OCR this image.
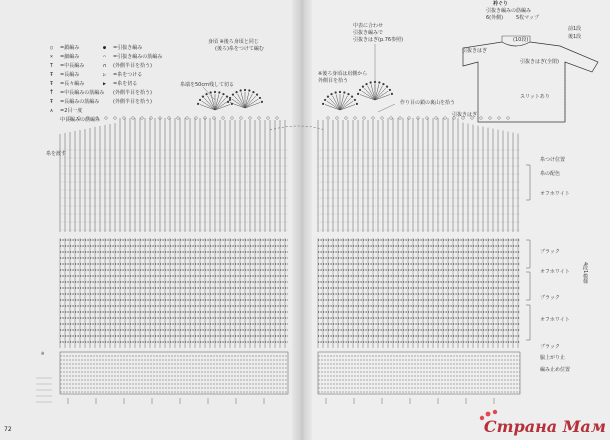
○ =鎖編み	● =引抜き編み
× =細編み	⌒ =引抜き編みの筋編み
T =中長編み	∩ (外側半目を拾う)
Ŧ =長編み	▷ =糸をつける
Ŧ =長々編み	▶ =糸を切る
Ť =中長編みの筋編み	(外側半目を拾う)
Ŧ =長編みの筋編み	(外側半目を拾う)
∧ =2目一度
中長編みの筋編み
糸を渡す
糸端を50cm残して切る
身頃 ※後ろ身頃と同じ
(後ろ)糸をつけて編む
中表に合わせ
引抜き編みで
引抜きはぎ(p.76参照)
※後ろ身頃は肩側から
外側目を拾う
作り目の鎖の裏山を拾う
4段1模様
糸つけ位置
糸の配色
オフホワイト
ブラック
オフホワイト
ブラック
オフホワイト
ブラック
脇上がり止
編み止め位置
衿ぐり
引抜き編みの筋編み
6(外側)	5枚マップ
(10段)
前1段
後1段
引抜きはぎ
引抜きはぎ(全閉)
スリットあり
引抜きはぎ
※
72	Страна Мам
